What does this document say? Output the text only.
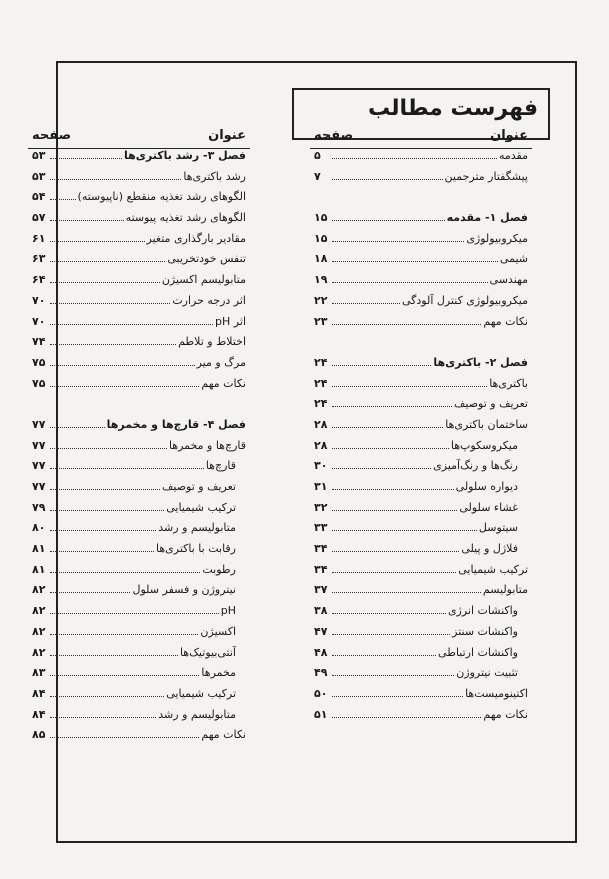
فهرست مطالب
عنوان
صفحه
مقدمه
۵
پیشگفتار مترجمین
۷
فصل ۱- مقدمه
۱۵
میکروبیولوژی
۱۵
شیمی
۱۸
مهندسی
۱۹
میکروبیولوژی کنترل آلودگی
۲۲
نکات مهم
۲۳
فصل ۲- باکتری‌ها
۲۴
باکتری‌ها
۲۴
تعریف و توصیف
۲۴
ساختمان باکتری‌ها
۲۸
میکروسکوپ‌ها
۲۸
رنگ‌ها و رنگ‌آمیزی
۳۰
دیواره سلولی
۳۱
غشاء سلولی
۳۲
سیتوسل
۳۳
فلاژل و پیلی
۳۴
ترکیب شیمیایی
۳۴
متابولیسم
۳۷
واکنشات انرژی
۳۸
واکنشات سنتز
۴۷
واکنشات ارتباطی
۴۸
تثبیت نیتروژن
۴۹
اکتینومیست‌ها
۵۰
نکات مهم
۵۱
عنوان
صفحه
فصل ۳- رشد باکتری‌ها
۵۳
رشد باکتری‌ها
۵۳
الگوهای رشد تغذیه منقطع (ناپیوسته)
۵۴
الگوهای رشد تغذیه پیوسته
۵۷
مقادیر بارگذاری متغیر
۶۱
تنفس خودتخریبی
۶۳
متابولیسم اکسیژن
۶۴
اثر درجه حرارت
۷۰
اثر pH
۷۰
اختلاط و تلاطم
۷۴
مرگ و میر
۷۵
نکات مهم
۷۵
فصل ۴- قارچ‌ها و مخمرها
۷۷
قارچ‌ها و مخمرها
۷۷
قارچ‌ها
۷۷
تعریف و توصیف
۷۷
ترکیب شیمیایی
۷۹
متابولیسم و رشد
۸۰
رقابت با باکتری‌ها
۸۱
رطوبت
۸۱
نیتروژن و فسفر سلول
۸۲
pH
۸۲
اکسیژن
۸۲
آنتی‌بیوتیک‌ها
۸۲
مخمرها
۸۳
ترکیب شیمیایی
۸۴
متابولیسم و رشد
۸۴
نکات مهم
۸۵
